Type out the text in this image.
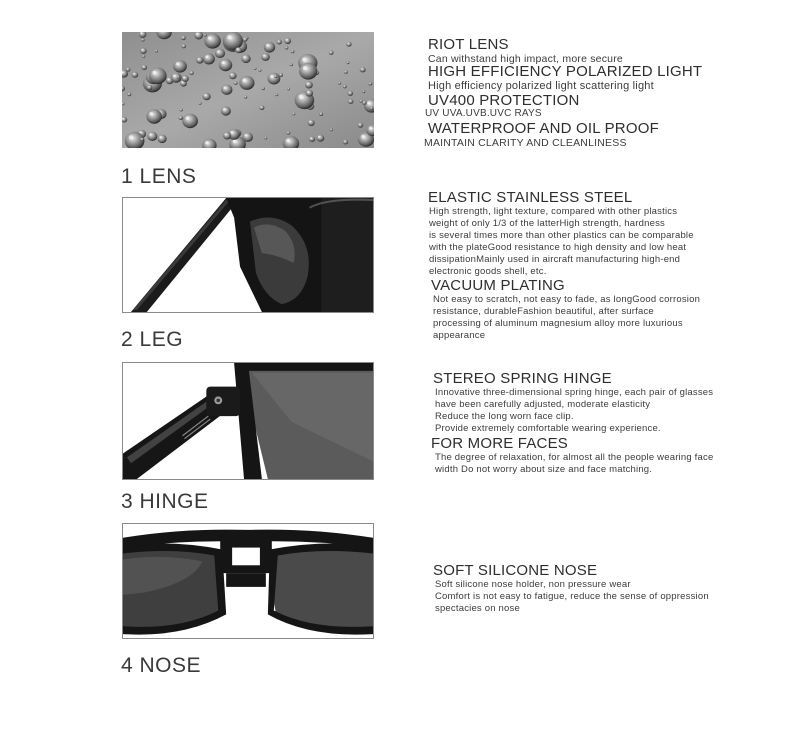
1 LENS
RIOT LENS
Can withstand high impact, more secure
HIGH EFFICIENCY POLARIZED LIGHT
High efficiency polarized light scattering light
UV400 PROTECTION
UV UVA.UVB.UVC RAYS
WATERPROOF AND OIL PROOF
MAINTAIN CLARITY AND CLEANLINESS
2 LEG
ELASTIC STAINLESS STEEL
High strength, light texture, compared with other plastics
weight of only 1/3 of the latterHigh strength, hardness
is several times more than other plastics can be comparable
with the plateGood resistance to high density and low heat
dissipationMainly used in aircraft manufacturing high-end
electronic goods shell, etc.
VACUUM PLATING
Not easy to scratch, not easy to fade, as longGood corrosion
resistance, durableFashion beautiful, after surface
processing of aluminum magnesium alloy more luxurious
appearance
3 HINGE
STEREO SPRING HINGE
Innovative three-dimensional spring hinge, each pair of glasses
have been carefully adjusted, moderate elasticity
Reduce the long worn face clip.
Provide extremely comfortable wearing experience.
FOR MORE FACES
The degree of relaxation, for almost all the people wearing face
width Do not worry about size and face matching.
4 NOSE
SOFT SILICONE NOSE
Soft silicone nose holder, non pressure wear
Comfort is not easy to fatigue, reduce the sense of oppression
spectacies on nose
